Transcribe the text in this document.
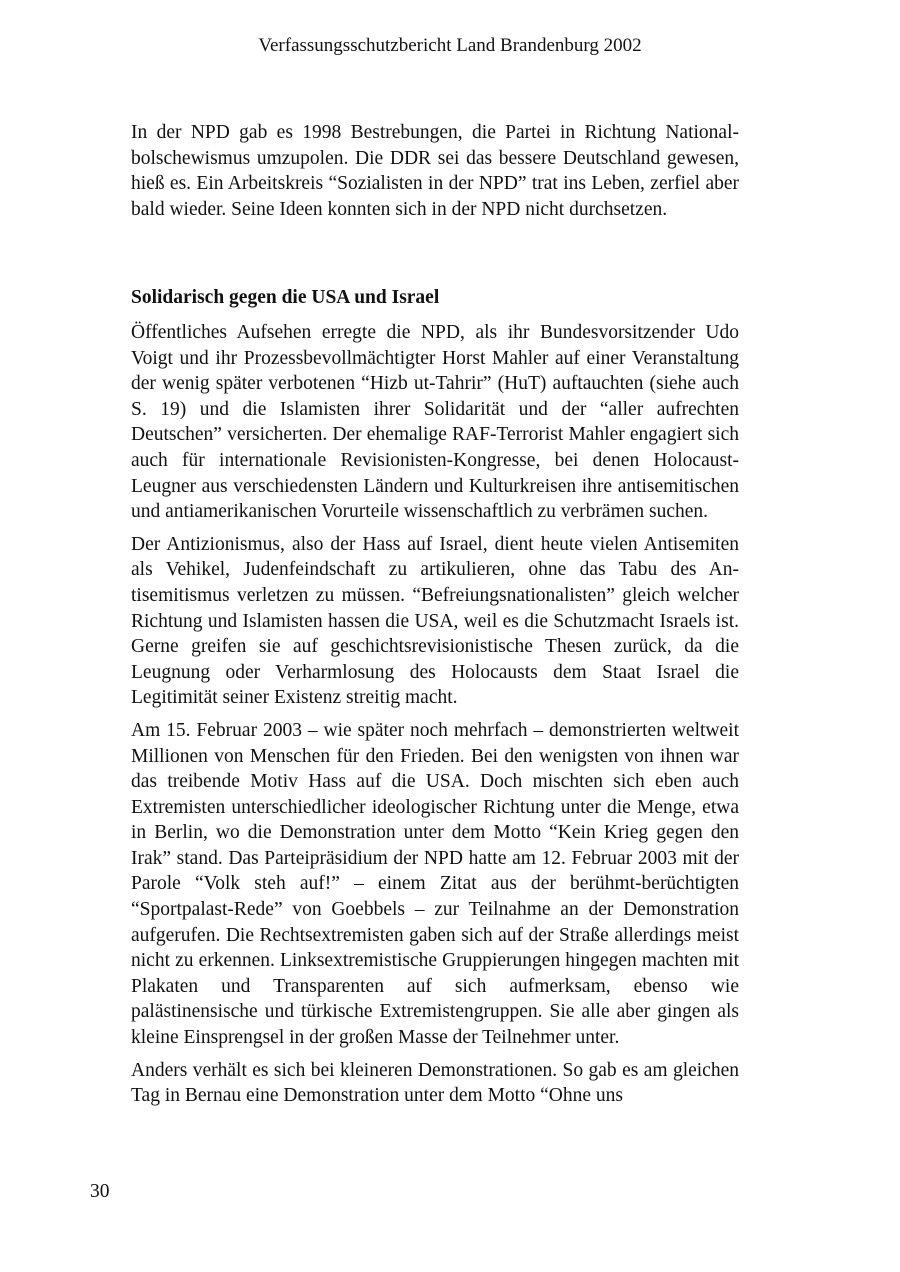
Verfassungsschutzbericht Land Brandenburg 2002

In der NPD gab es 1998 Bestrebungen, die Partei in Richtung Nationalbolschewismus umzupolen. Die DDR sei das bessere Deutschland gewesen, hieß es. Ein Arbeitskreis “Sozialisten in der NPD” trat ins Leben, zerfiel aber bald wieder. Seine Ideen konnten sich in der NPD nicht durchsetzen.

Solidarisch gegen die USA und Israel

Öffentliches Aufsehen erregte die NPD, als ihr Bundesvorsitzender Udo Voigt und ihr Prozessbevollmächtigter Horst Mahler auf einer Veranstaltung der wenig später verbotenen “Hizb ut-Tahrir” (HuT) auftauchten (siehe auch S. 19) und die Islamisten ihrer Solidarität und der “aller aufrechten Deutschen” versicherten. Der ehemalige RAF-Terrorist Mahler engagiert sich auch für internationale Revisionisten-Kongresse, bei denen Holocaust-Leugner aus verschiedensten Ländern und Kulturkreisen ihre antisemitischen und antiamerikanischen Vorurteile wissenschaftlich zu verbrämen suchen.

Der Antizionismus, also der Hass auf Israel, dient heute vielen Antisemiten als Vehikel, Judenfeindschaft zu artikulieren, ohne das Tabu des Antisemitismus verletzen zu müssen. “Befreiungsnationalisten” gleich welcher Richtung und Islamisten hassen die USA, weil es die Schutzmacht Israels ist. Gerne greifen sie auf geschichtsrevisionistische Thesen zurück, da die Leugnung oder Verharmlosung des Holocausts dem Staat Israel die Legitimität seiner Existenz streitig macht.

Am 15. Februar 2003 – wie später noch mehrfach – demonstrierten weltweit Millionen von Menschen für den Frieden. Bei den wenigsten von ihnen war das treibende Motiv Hass auf die USA. Doch mischten sich eben auch Extremisten unterschiedlicher ideologischer Richtung unter die Menge, etwa in Berlin, wo die Demonstration unter dem Motto “Kein Krieg gegen den Irak” stand. Das Parteipräsidium der NPD hatte am 12. Februar 2003 mit der Parole “Volk steh auf!” – einem Zitat aus der berühmt-berüchtigten “Sportpalast-Rede” von Goebbels – zur Teilnahme an der Demonstration aufgerufen. Die Rechtsextremisten gaben sich auf der Straße allerdings meist nicht zu erkennen. Linksextremistische Gruppierungen hingegen machten mit Plakaten und Transparenten auf sich aufmerksam, ebenso wie palästinensische und türkische Extremistengruppen. Sie alle aber gingen als kleine Einsprengsel in der großen Masse der Teilnehmer unter.

Anders verhält es sich bei kleineren Demonstrationen. So gab es am gleichen Tag in Bernau eine Demonstration unter dem Motto “Ohne uns

30
